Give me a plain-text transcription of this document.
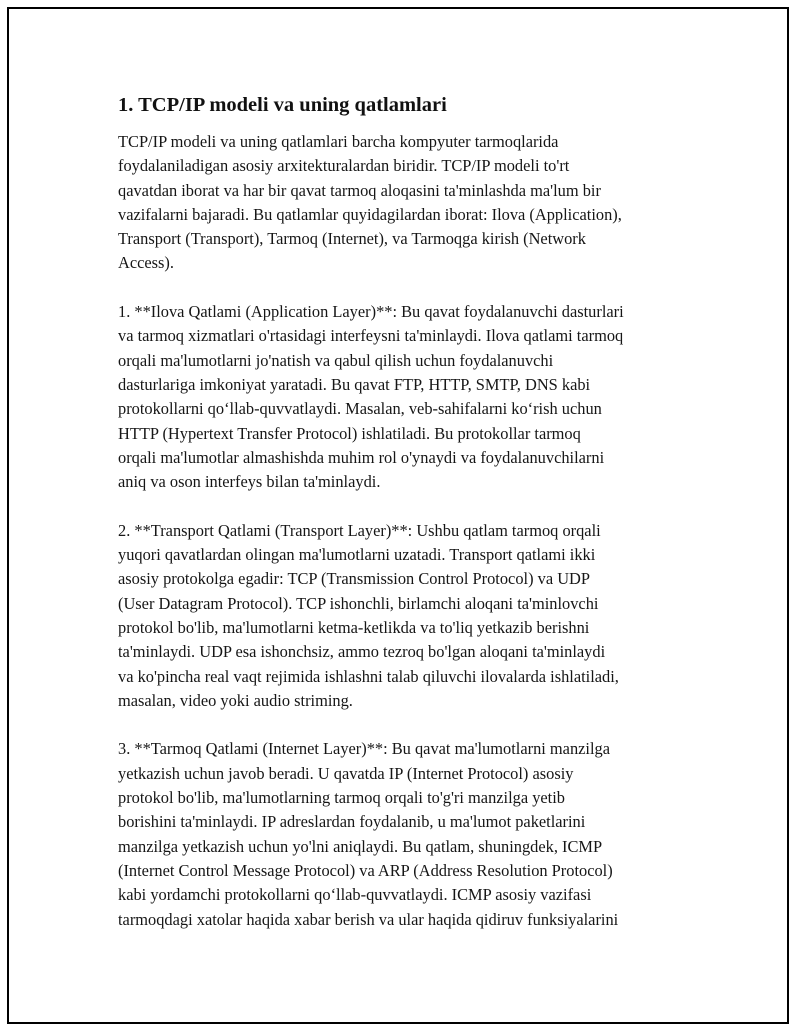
1. TCP/IP modeli va uning qatlamlari

TCP/IP modeli va uning qatlamlari barcha kompyuter tarmoqlarida
foydalaniladigan asosiy arxitekturalardan biridir. TCP/IP modeli to'rt
qavatdan iborat va har bir qavat tarmoq aloqasini ta'minlashda ma'lum bir
vazifalarni bajaradi. Bu qatlamlar quyidagilardan iborat: Ilova (Application),
Transport (Transport), Tarmoq (Internet), va Tarmoqga kirish (Network
Access).

1. **Ilova Qatlami (Application Layer)**: Bu qavat foydalanuvchi dasturlari
va tarmoq xizmatlari o'rtasidagi interfeysni ta'minlaydi. Ilova qatlami tarmoq
orqali ma'lumotlarni jo'natish va qabul qilish uchun foydalanuvchi
dasturlariga imkoniyat yaratadi. Bu qavat FTP, HTTP, SMTP, DNS kabi
protokollarni qo‘llab-quvvatlaydi. Masalan, veb-sahifalarni ko‘rish uchun
HTTP (Hypertext Transfer Protocol) ishlatiladi. Bu protokollar tarmoq
orqali ma'lumotlar almashishda muhim rol o'ynaydi va foydalanuvchilarni
aniq va oson interfeys bilan ta'minlaydi.

2. **Transport Qatlami (Transport Layer)**: Ushbu qatlam tarmoq orqali
yuqori qavatlardan olingan ma'lumotlarni uzatadi. Transport qatlami ikki
asosiy protokolga egadir: TCP (Transmission Control Protocol) va UDP
(User Datagram Protocol). TCP ishonchli, birlamchi aloqani ta'minlovchi
protokol bo'lib, ma'lumotlarni ketma-ketlikda va to'liq yetkazib berishni
ta'minlaydi. UDP esa ishonchsiz, ammo tezroq bo'lgan aloqani ta'minlaydi
va ko'pincha real vaqt rejimida ishlashni talab qiluvchi ilovalarda ishlatiladi,
masalan, video yoki audio striming.

3. **Tarmoq Qatlami (Internet Layer)**: Bu qavat ma'lumotlarni manzilga
yetkazish uchun javob beradi. U qavatda IP (Internet Protocol) asosiy
protokol bo'lib, ma'lumotlarning tarmoq orqali to'g'ri manzilga yetib
borishini ta'minlaydi. IP adreslardan foydalanib, u ma'lumot paketlarini
manzilga yetkazish uchun yo'lni aniqlaydi. Bu qatlam, shuningdek, ICMP
(Internet Control Message Protocol) va ARP (Address Resolution Protocol)
kabi yordamchi protokollarni qo‘llab-quvvatlaydi. ICMP asosiy vazifasi
tarmoqdagi xatolar haqida xabar berish va ular haqida qidiruv funksiyalarini
